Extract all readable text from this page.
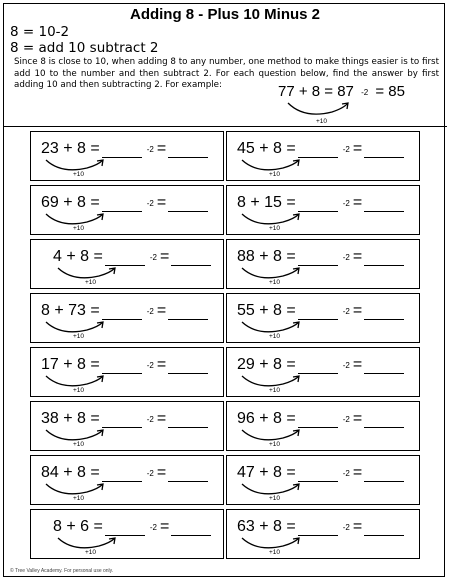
Adding 8 - Plus 10 Minus 2
8 = 10-2
8 = add 10 subtract 2
Since 8 is close to 10, when adding 8 to any number, one method to make things easier is to first add 10 to the number and then subtract 2. For each question below, find the answer by first adding 10 and then subtracting 2. For example:	77 + 8 = 87 -2 = 85
+10
23 + 8 =	-2 =
+10
45 + 8 =	-2 =
+10
69 + 8 =	-2 =
+10
8 + 15 =	-2 =
+10
4 + 8 =	-2 =
+10
88 + 8 =	-2 =
+10
8 + 73 =	-2 =
+10
55 + 8 =	-2 =
+10
17 + 8 =	-2 =
+10
29 + 8 =	-2 =
+10
38 + 8 =	-2 =
+10
96 + 8 =	-2 =
+10
84 + 8 =	-2 =
+10
47 + 8 =	-2 =
+10
8 + 6 =	-2 =
+10
63 + 8 =	-2 =
+10
© Tree Valley Academy. For personal use only.
